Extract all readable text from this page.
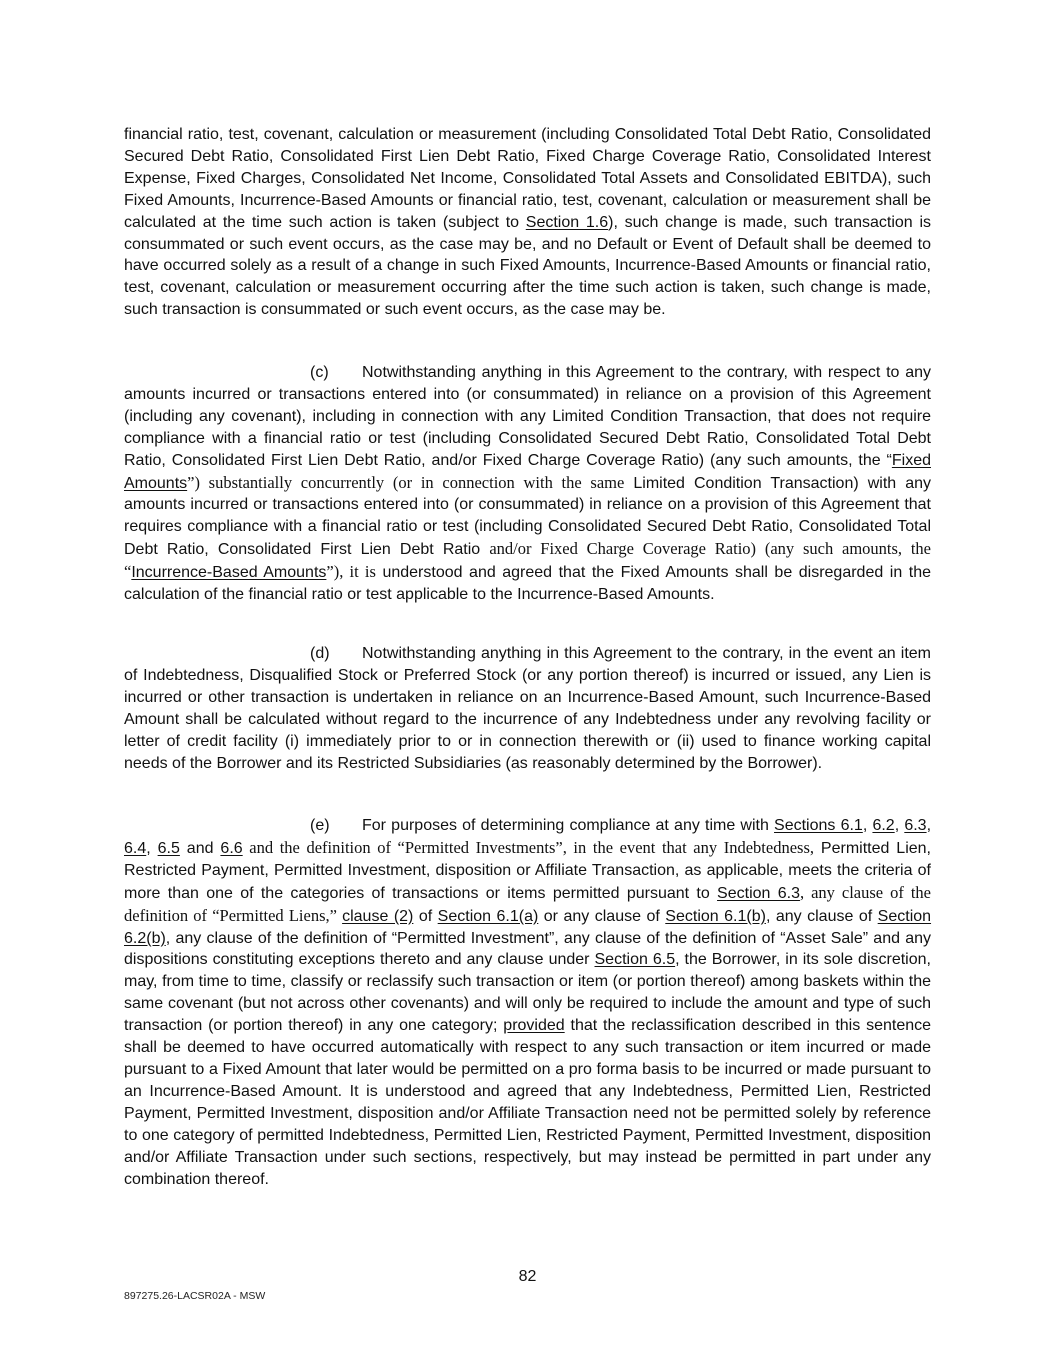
financial ratio, test, covenant, calculation or measurement (including Consolidated Total Debt Ratio, Consolidated Secured Debt Ratio, Consolidated First Lien Debt Ratio, Fixed Charge Coverage Ratio, Consolidated Interest Expense, Fixed Charges, Consolidated Net Income, Consolidated Total Assets and Consolidated EBITDA), such Fixed Amounts, Incurrence-Based Amounts or financial ratio, test, covenant, calculation or measurement shall be calculated at the time such action is taken (subject to Section 1.6), such change is made, such transaction is consummated or such event occurs, as the case may be, and no Default or Event of Default shall be deemed to have occurred solely as a result of a change in such Fixed Amounts, Incurrence-Based Amounts or financial ratio, test, covenant, calculation or measurement occurring after the time such action is taken, such change is made, such transaction is consummated or such event occurs, as the case may be.

(c) Notwithstanding anything in this Agreement to the contrary, with respect to any amounts incurred or transactions entered into (or consummated) in reliance on a provision of this Agreement (including any covenant), including in connection with any Limited Condition Transaction, that does not require compliance with a financial ratio or test (including Consolidated Secured Debt Ratio, Consolidated Total Debt Ratio, Consolidated First Lien Debt Ratio, and/or Fixed Charge Coverage Ratio) (any such amounts, the “Fixed Amounts”) substantially concurrently (or in connection with the same Limited Condition Transaction) with any amounts incurred or transactions entered into (or consummated) in reliance on a provision of this Agreement that requires compliance with a financial ratio or test (including Consolidated Secured Debt Ratio, Consolidated Total Debt Ratio, Consolidated First Lien Debt Ratio and/or Fixed Charge Coverage Ratio) (any such amounts, the “Incurrence-Based Amounts”), it is understood and agreed that the Fixed Amounts shall be disregarded in the calculation of the financial ratio or test applicable to the Incurrence-Based Amounts.

(d) Notwithstanding anything in this Agreement to the contrary, in the event an item of Indebtedness, Disqualified Stock or Preferred Stock (or any portion thereof) is incurred or issued, any Lien is incurred or other transaction is undertaken in reliance on an Incurrence-Based Amount, such Incurrence-Based Amount shall be calculated without regard to the incurrence of any Indebtedness under any revolving facility or letter of credit facility (i) immediately prior to or in connection therewith or (ii) used to finance working capital needs of the Borrower and its Restricted Subsidiaries (as reasonably determined by the Borrower).

(e) For purposes of determining compliance at any time with Sections 6.1, 6.2, 6.3, 6.4, 6.5 and 6.6 and the definition of “Permitted Investments”, in the event that any Indebtedness, Permitted Lien, Restricted Payment, Permitted Investment, disposition or Affiliate Transaction, as applicable, meets the criteria of more than one of the categories of transactions or items permitted pursuant to Section 6.3, any clause of the definition of “Permitted Liens,” clause (2) of Section 6.1(a) or any clause of Section 6.1(b), any clause of Section 6.2(b), any clause of the definition of “Permitted Investment”, any clause of the definition of “Asset Sale” and any dispositions constituting exceptions thereto and any clause under Section 6.5, the Borrower, in its sole discretion, may, from time to time, classify or reclassify such transaction or item (or portion thereof) among baskets within the same covenant (but not across other covenants) and will only be required to include the amount and type of such transaction (or portion thereof) in any one category; provided that the reclassification described in this sentence shall be deemed to have occurred automatically with respect to any such transaction or item incurred or made pursuant to a Fixed Amount that later would be permitted on a pro forma basis to be incurred or made pursuant to an Incurrence-Based Amount. It is understood and agreed that any Indebtedness, Permitted Lien, Restricted Payment, Permitted Investment, disposition and/or Affiliate Transaction need not be permitted solely by reference to one category of permitted Indebtedness, Permitted Lien, Restricted Payment, Permitted Investment, disposition and/or Affiliate Transaction under such sections, respectively, but may instead be permitted in part under any combination thereof.

82

897275.26-LACSR02A - MSW
